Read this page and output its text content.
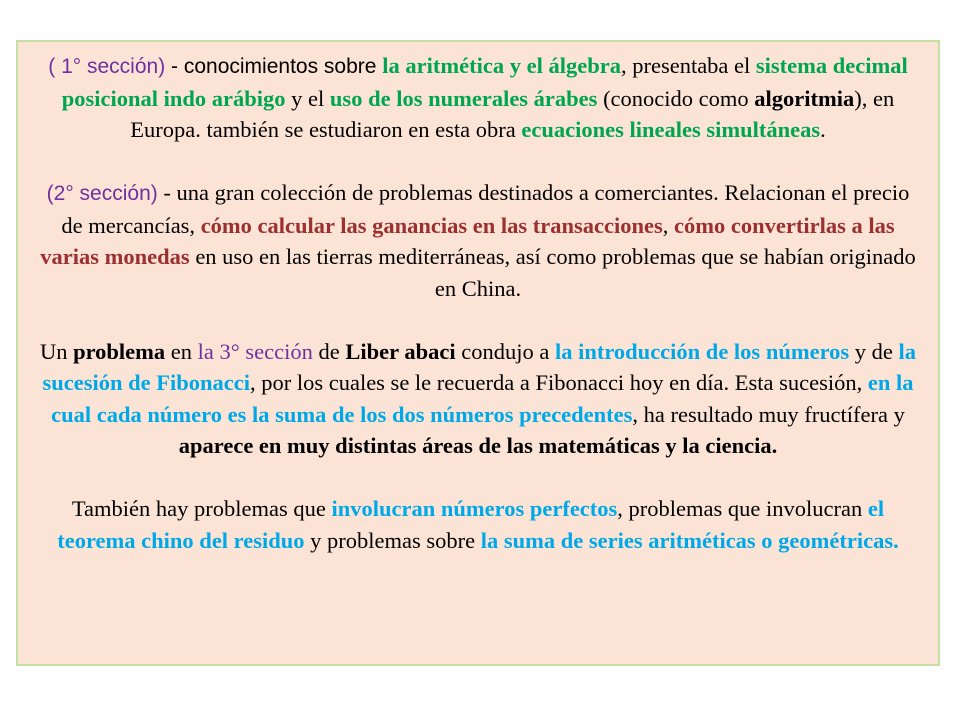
( 1° sección) - conocimientos sobre la aritmética y el álgebra, presentaba el sistema decimal posicional indo arábigo y el uso de los numerales árabes (conocido como algoritmia), en Europa. también se estudiaron en esta obra ecuaciones lineales simultáneas.

(2° sección) - una gran colección de problemas destinados a comerciantes. Relacionan el precio de mercancías, cómo calcular las ganancias en las transacciones, cómo convertirlas a las varias monedas en uso en las tierras mediterráneas, así como problemas que se habían originado en China.

Un problema en la 3° sección de Liber abaci condujo a la introducción de los números y de la sucesión de Fibonacci, por los cuales se le recuerda a Fibonacci hoy en día. Esta sucesión, en la cual cada número es la suma de los dos números precedentes, ha resultado muy fructífera y aparece en muy distintas áreas de las matemáticas y la ciencia.

También hay problemas que involucran números perfectos, problemas que involucran el teorema chino del residuo y problemas sobre la suma de series aritméticas o geométricas.
